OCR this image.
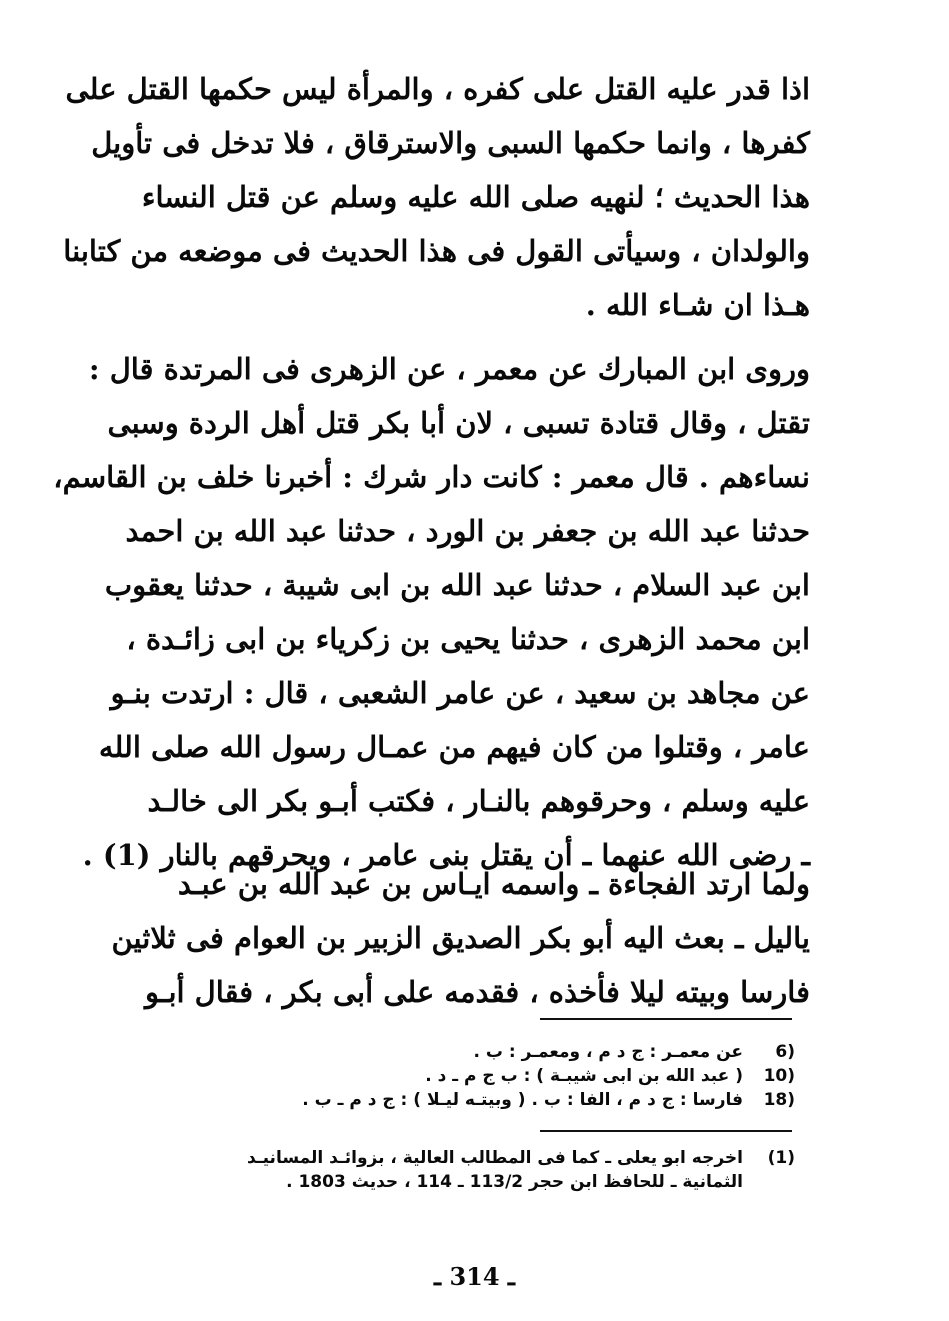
اذا قدر عليه القتل على كفره ، والمرأة ليس حكمها القتل على
كفرها ، وانما حكمها السبى والاسترقاق ، فلا تدخل فى تأويل
هذا الحديث ؛ لنهيه صلى الله عليه وسلم عن قتل النساء
والولدان ، وسيأتى القول فى هذا الحديث فى موضعه من كتابنا
هـذا ان شـاء الله .
وروى ابن المبارك عن معمر ، عن الزهرى فى المرتدة قال :
تقتل ، وقال قتادة تسبى ، لان أبا بكر قتل أهل الردة وسبى
نساءهم . قال معمر : كانت دار شرك : أخبرنا خلف بن القاسم،
حدثنا عبد الله بن جعفر بن الورد ، حدثنا عبد الله بن احمد
ابن عبد السلام ، حدثنا عبد الله بن ابى شيبة ، حدثنا يعقوب
ابن محمد الزهرى ، حدثنا يحيى بن زكرياء بن ابى زائـدة ،
عن مجاهد بن سعيد ، عن عامر الشعبى ، قال : ارتدت بنـو
عامر ، وقتلوا من كان فيهم من عمـال رسول الله صلى الله
عليه وسلم ، وحرقوهم بالنـار ، فكتب أبـو بكر الى خالـد
ـ رضى الله عنهما ـ أن يقتل بنى عامر ، ويحرقهم بالنار (1) .
ولما ارتد الفجاءة ـ واسمه ايـاس بن عبد الله بن عبـد
ياليل ـ بعث اليه أبو بكر الصديق الزبير بن العوام فى ثلاثين
فارسا وبيته ليلا فأخذه ، فقدمه على أبى بكر ، فقال أبـو
6)
عن معمـر : ج د م ، ومعمـر : ب .
10)
( عبد الله بن ابى شيبـة ) : ب ج م ـ د .
18)
فارسا : ج د م ، الفا : ب . ( وبيتـه ليـلا ) : ج د م ـ ب .
(1)
اخرجه ابو يعلى ـ كما فى المطالب العالية ، بزوائـد المسانيـد
الثمانية ـ للحافظ ابن حجر 113/2 ـ 114 ، حديث 1803 .
ـ 314 ـ
